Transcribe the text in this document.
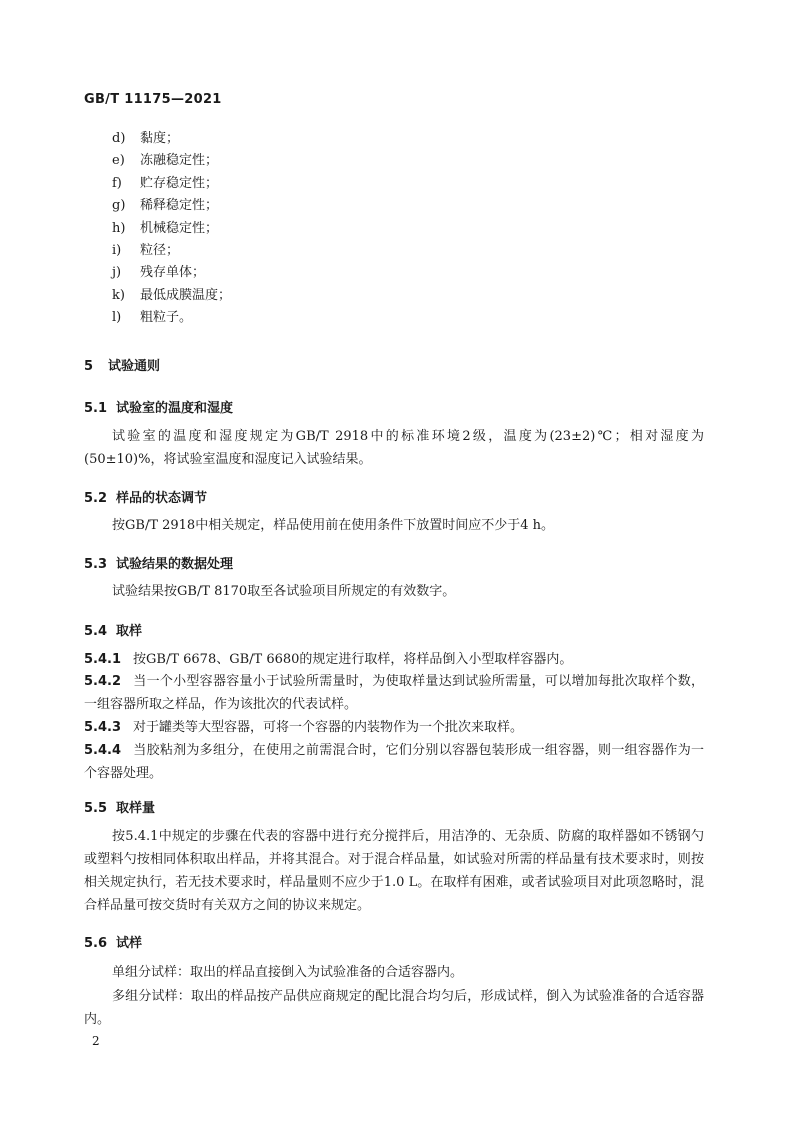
GB/T 11175—2021
d) 黏度；
e) 冻融稳定性；
f) 贮存稳定性；
g) 稀释稳定性；
h) 机械稳定性；
i) 粒径；
j) 残存单体；
k) 最低成膜温度；
l) 粗粒子。
5 试验通则
5.1 试验室的温度和湿度
试验室的温度和湿度规定为GB/T 2918中的标准环境2级，温度为(23±2)℃；相对湿度为(50±10)%，将试验室温度和湿度记入试验结果。
5.2 样品的状态调节
按GB/T 2918中相关规定，样品使用前在使用条件下放置时间应不少于4 h。
5.3 试验结果的数据处理
试验结果按GB/T 8170取至各试验项目所规定的有效数字。
5.4 取样
5.4.1 按GB/T 6678、GB/T 6680的规定进行取样，将样品倒入小型取样容器内。
5.4.2 当一个小型容器容量小于试验所需量时，为使取样量达到试验所需量，可以增加每批次取样个数，一组容器所取之样品，作为该批次的代表试样。
5.4.3 对于罐类等大型容器，可将一个容器的内装物作为一个批次来取样。
5.4.4 当胶粘剂为多组分，在使用之前需混合时，它们分别以容器包装形成一组容器，则一组容器作为一个容器处理。
5.5 取样量
按5.4.1中规定的步骤在代表的容器中进行充分搅拌后，用洁净的、无杂质、防腐的取样器如不锈钢勺或塑料勺按相同体积取出样品，并将其混合。对于混合样品量，如试验对所需的样品量有技术要求时，则按相关规定执行，若无技术要求时，样品量则不应少于1.0 L。在取样有困难，或者试验项目对此项忽略时，混合样品量可按交货时有关双方之间的协议来规定。
5.6 试样
单组分试样：取出的样品直接倒入为试验准备的合适容器内。
多组分试样：取出的样品按产品供应商规定的配比混合均匀后，形成试样，倒入为试验准备的合适容器内。
2
